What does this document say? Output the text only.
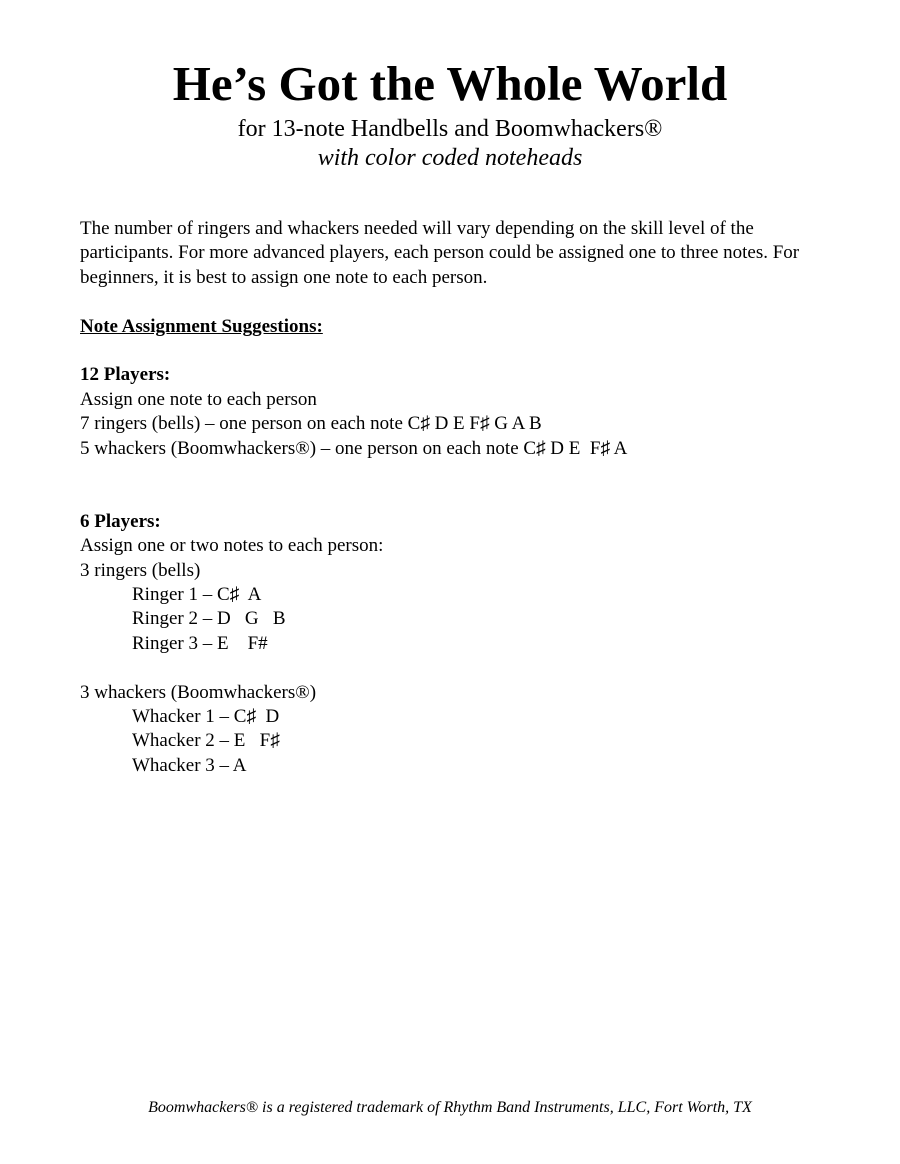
He’s Got the Whole World
for 13-note Handbells and Boomwhackers®
with color coded noteheads
The number of ringers and whackers needed will vary depending on the skill level of the participants. For more advanced players, each person could be assigned one to three notes. For beginners, it is best to assign one note to each person.
Note Assignment Suggestions:
12 Players:
Assign one note to each person
7 ringers (bells) – one person on each note C♯ D E F♯ G A B
5 whackers (Boomwhackers®) – one person on each note C♯ D E  F♯ A
6 Players:
Assign one or two notes to each person:
3 ringers (bells)
Ringer 1 – C♯  A
Ringer 2 – D   G   B
Ringer 3 – E    F#
3 whackers (Boomwhackers®)
Whacker 1 – C♯  D
Whacker 2 – E   F♯
Whacker 3 – A
Boomwhackers® is a registered trademark of Rhythm Band Instruments, LLC, Fort Worth, TX
